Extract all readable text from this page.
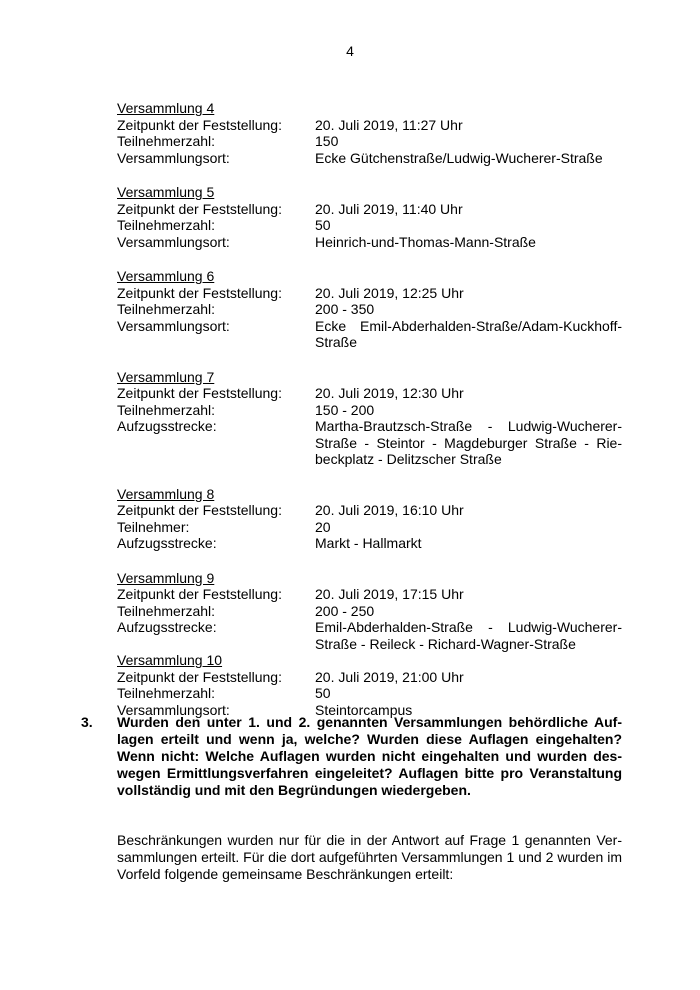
4
Versammlung 4
Zeitpunkt der Feststellung:	20. Juli 2019, 11:27 Uhr
Teilnehmerzahl:	150
Versammlungsort:	Ecke Gütchenstraße/Ludwig-Wucherer-Straße
Versammlung 5
Zeitpunkt der Feststellung:	20. Juli 2019, 11:40 Uhr
Teilnehmerzahl:	50
Versammlungsort:	Heinrich-und-Thomas-Mann-Straße
Versammlung 6
Zeitpunkt der Feststellung:	20. Juli 2019, 12:25 Uhr
Teilnehmerzahl:	200 - 350
Versammlungsort:	Ecke Emil-Abderhalden-Straße/Adam-Kuckhoff-Straße
Versammlung 7
Zeitpunkt der Feststellung:	20. Juli 2019, 12:30 Uhr
Teilnehmerzahl:	150 - 200
Aufzugsstrecke:	Martha-Brautzsch-Straße - Ludwig-Wucherer-Straße - Steintor - Magdeburger Straße - Rie-beckplatz - Delitzscher Straße
Versammlung 8
Zeitpunkt der Feststellung:	20. Juli 2019, 16:10 Uhr
Teilnehmer:	20
Aufzugsstrecke:	Markt - Hallmarkt
Versammlung 9
Zeitpunkt der Feststellung:	20. Juli 2019, 17:15 Uhr
Teilnehmerzahl:	200 - 250
Aufzugsstrecke:	Emil-Abderhalden-Straße - Ludwig-Wucherer-Straße - Reileck - Richard-Wagner-Straße
Versammlung 10
Zeitpunkt der Feststellung:	20. Juli 2019, 21:00 Uhr
Teilnehmerzahl:	50
Versammlungsort:	Steintorcampus
3.	Wurden den unter 1. und 2. genannten Versammlungen behördliche Auf-lagen erteilt und wenn ja, welche? Wurden diese Auflagen eingehalten? Wenn nicht: Welche Auflagen wurden nicht eingehalten und wurden des-wegen Ermittlungsverfahren eingeleitet? Auflagen bitte pro Veranstaltung vollständig und mit den Begründungen wiedergeben.
Beschränkungen wurden nur für die in der Antwort auf Frage 1 genannten Ver-sammlungen erteilt. Für die dort aufgeführten Versammlungen 1 und 2 wurden im Vorfeld folgende gemeinsame Beschränkungen erteilt:
